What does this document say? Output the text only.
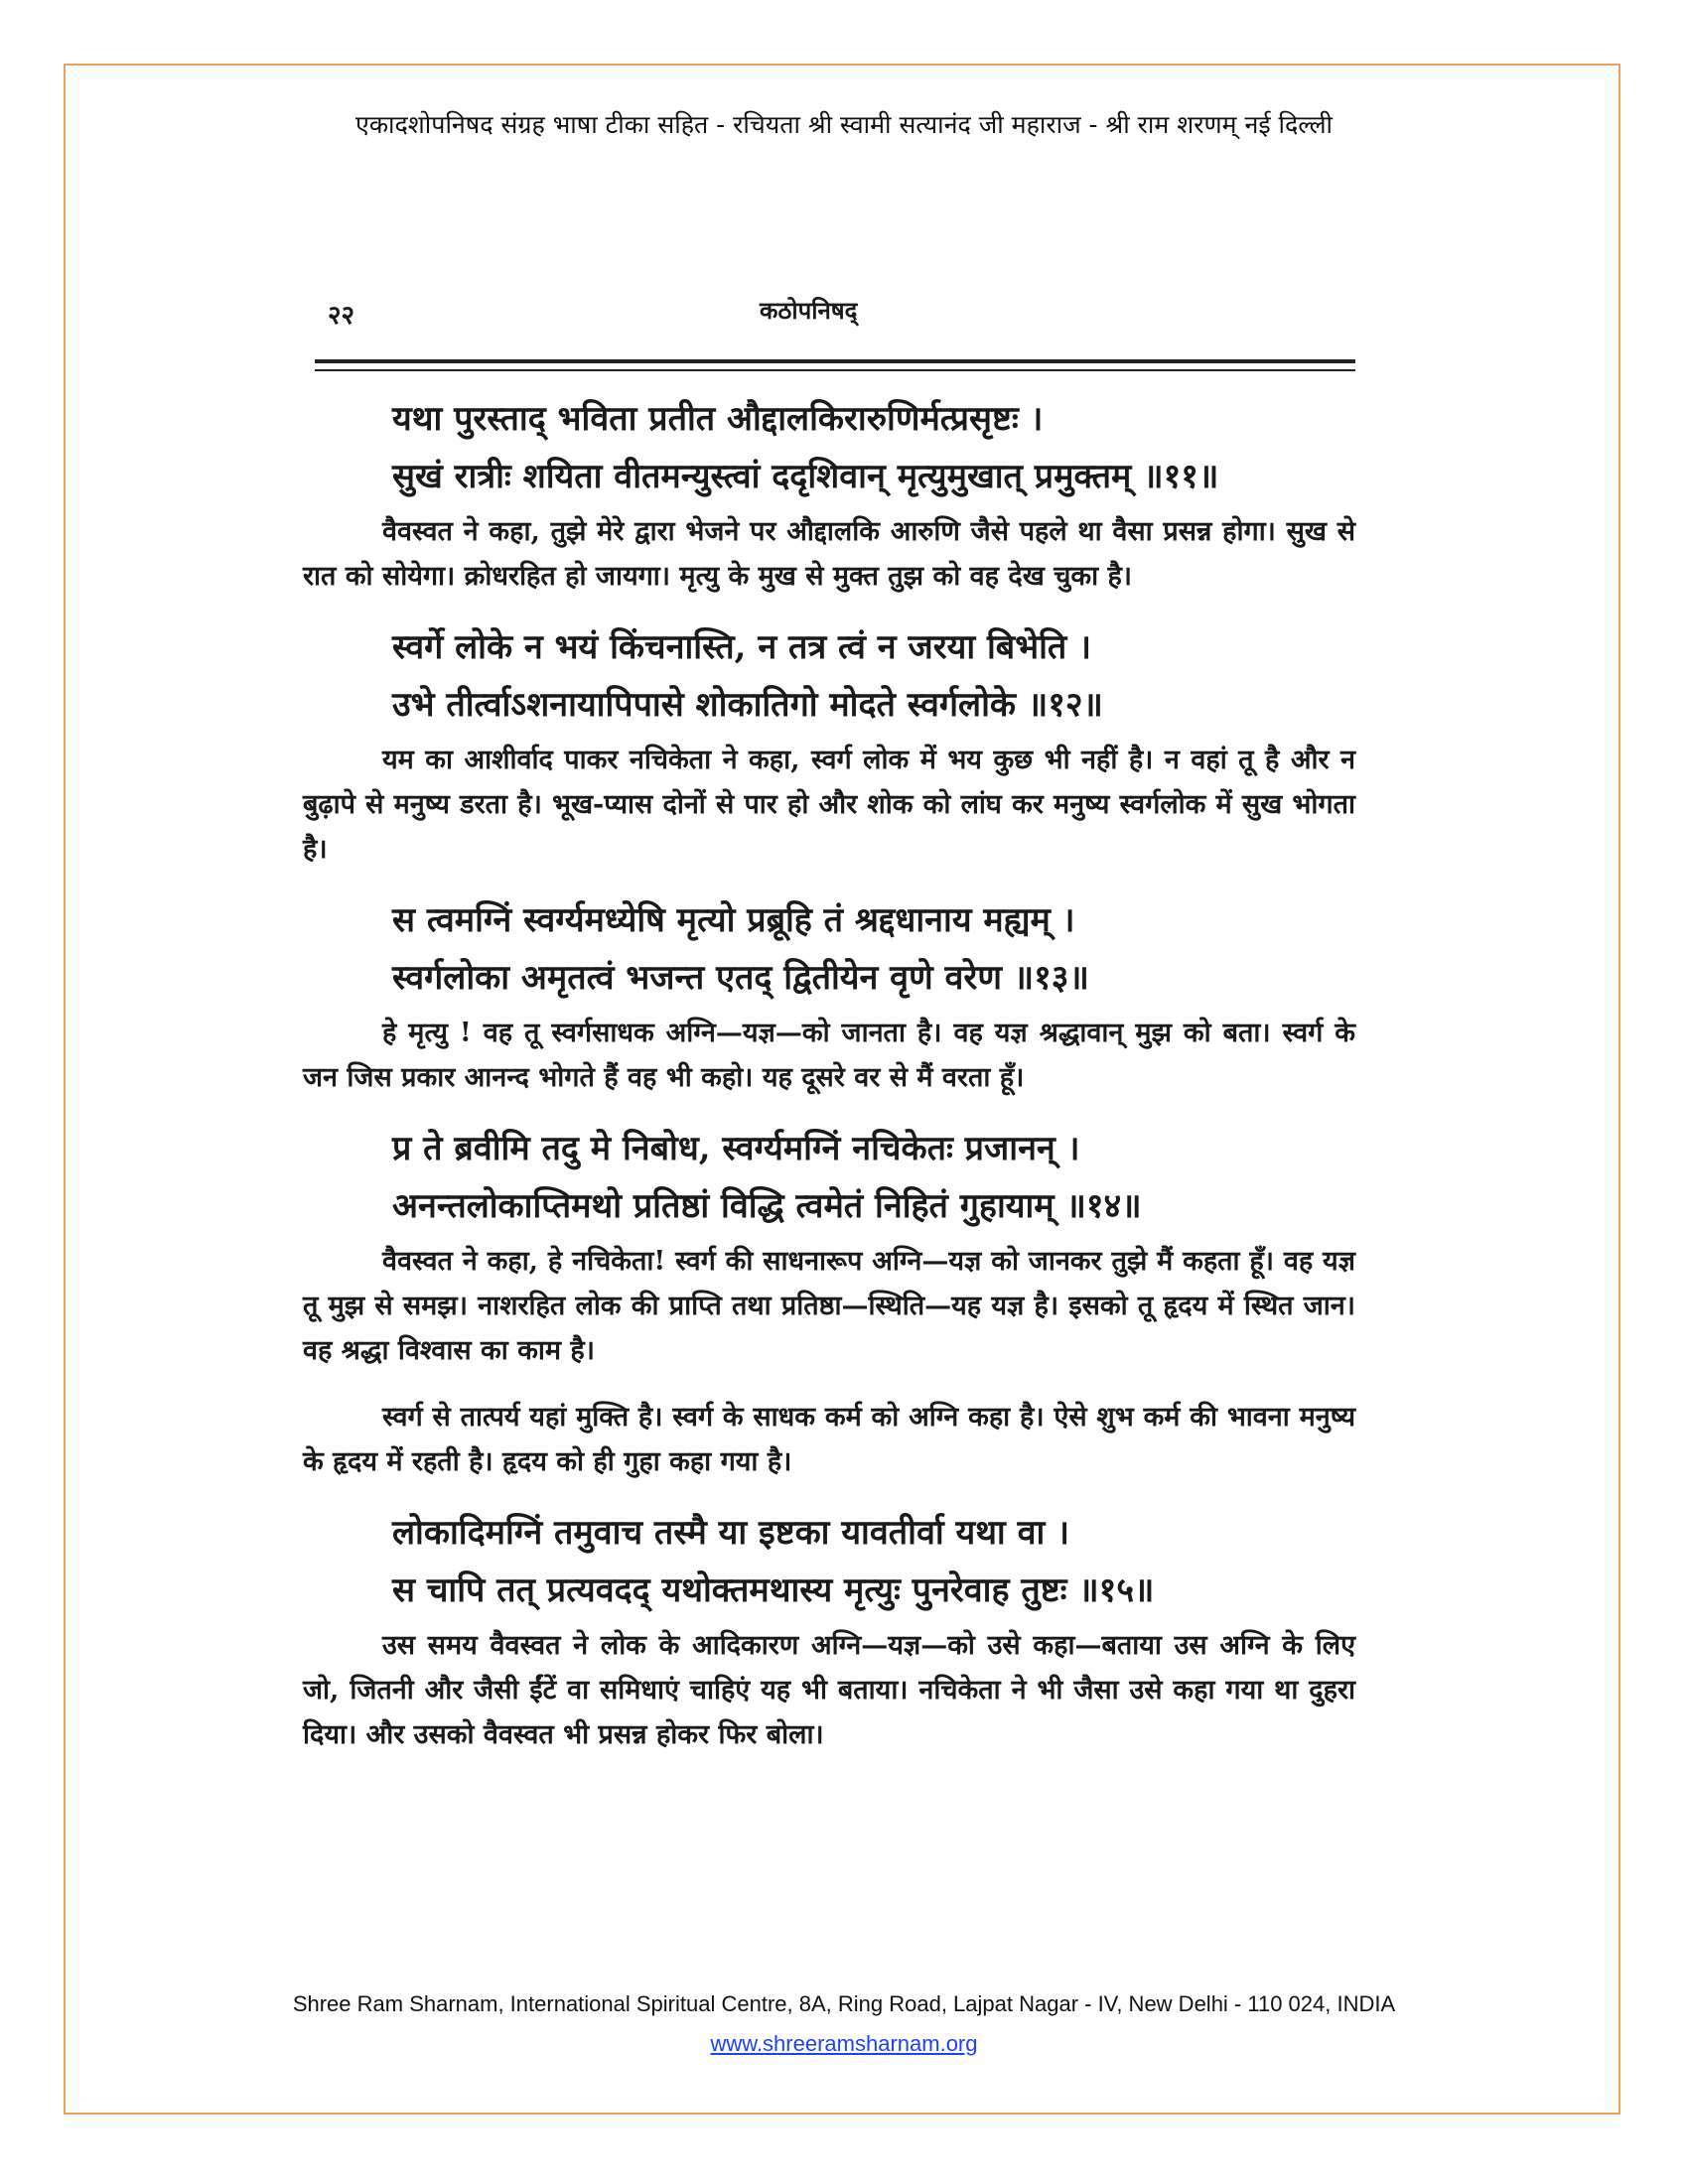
एकादशोपनिषद संग्रह भाषा टीका सहित - रचियता श्री स्वामी सत्यानंद जी महाराज - श्री राम शरणम् नई दिल्ली
२२	कठोपनिषद्
यथा पुरस्ताद् भविता प्रतीत औद्दालकिरारुणिर्मत्प्रसृष्टः ।
सुखं रात्रीः शयिता वीतमन्युस्त्वां ददृशिवान् मृत्युमुखात् प्रमुक्तम् ॥११॥
वैवस्वत ने कहा, तुझे मेरे द्वारा भेजने पर औद्दालकि आरुणि जैसे पहले था वैसा प्रसन्न होगा। सुख से रात को सोयेगा। क्रोधरहित हो जायगा। मृत्यु के मुख से मुक्त तुझ को वह देख चुका है।
स्वर्गे लोके न भयं किंचनास्ति, न तत्र त्वं न जरया बिभेति ।
उभे तीर्त्वाऽशनायापिपासे शोकातिगो मोदते स्वर्गलोके ॥१२॥
यम का आशीर्वाद पाकर नचिकेता ने कहा, स्वर्ग लोक में भय कुछ भी नहीं है। न वहां तू है और न बुढ़ापे से मनुष्य डरता है। भूख-प्यास दोनों से पार हो और शोक को लांघ कर मनुष्य स्वर्गलोक में सुख भोगता है।
स त्वमग्निं स्वर्ग्यमध्येषि मृत्यो प्रब्रूहि तं श्रद्दधानाय मह्यम् ।
स्वर्गलोका अमृतत्वं भजन्त एतद् द्वितीयेन वृणे वरेण ॥१३॥
हे मृत्यु ! वह तू स्वर्गसाधक अग्नि—यज्ञ—को जानता है। वह यज्ञ श्रद्धावान् मुझ को बता। स्वर्ग के जन जिस प्रकार आनन्द भोगते हैं वह भी कहो। यह दूसरे वर से मैं वरता हूँ।
प्र ते ब्रवीमि तदु मे निबोध, स्वर्ग्यमग्निं नचिकेतः प्रजानन् ।
अनन्तलोकाप्तिमथो प्रतिष्ठां विद्धि त्वमेतं निहितं गुहायाम् ॥१४॥
वैवस्वत ने कहा, हे नचिकेता! स्वर्ग की साधनारूप अग्नि—यज्ञ को जानकर तुझे मैं कहता हूँ। वह यज्ञ तू मुझ से समझ। नाशरहित लोक की प्राप्ति तथा प्रतिष्ठा—स्थिति—यह यज्ञ है। इसको तू हृदय में स्थित जान। वह श्रद्धा विश्वास का काम है।
स्वर्ग से तात्पर्य यहां मुक्ति है। स्वर्ग के साधक कर्म को अग्नि कहा है। ऐसे शुभ कर्म की भावना मनुष्य के हृदय में रहती है। हृदय को ही गुहा कहा गया है।
लोकादिमग्निं तमुवाच तस्मै या इष्टका यावतीर्वा यथा वा ।
स चापि तत् प्रत्यवदद् यथोक्तमथास्य मृत्युः पुनरेवाह तुष्टः ॥१५॥
उस समय वैवस्वत ने लोक के आदिकारण अग्नि—यज्ञ—को उसे कहा—बताया उस अग्नि के लिए जो, जितनी और जैसी ईंटें वा समिधाएं चाहिएं यह भी बताया। नचिकेता ने भी जैसा उसे कहा गया था दुहरा दिया। और उसको वैवस्वत भी प्रसन्न होकर फिर बोला।
Shree Ram Sharnam, International Spiritual Centre, 8A, Ring Road, Lajpat Nagar - IV, New Delhi - 110 024, INDIA
www.shreeramsharnam.org
